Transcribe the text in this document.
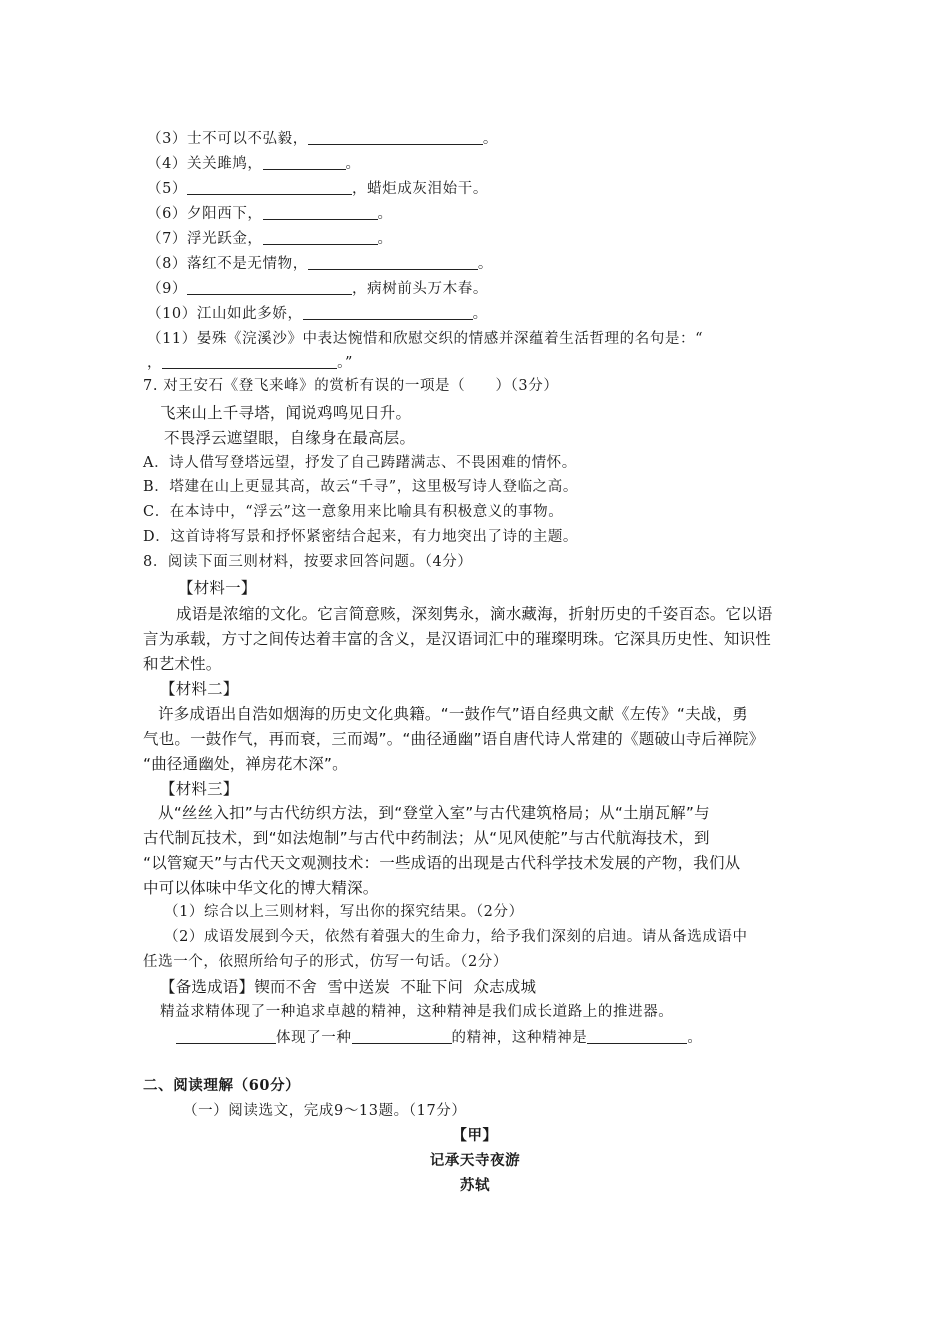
（3）士不可以不弘毅，	。
（4）关关雎鸠，	。
（5）	，蜡炬成灰泪始干。
（6）夕阳西下，	。
（7）浮光跃金，	。
（8）落红不是无情物，	。
（9）	，病树前头万木春。
（10）江山如此多娇，	。
（11）晏殊《浣溪沙》中表达惋惜和欣慰交织的情感并深蕴着生活哲理的名句是：“
，	。”
7. 对王安石《登飞来峰》的赏析有误的一项是（　　）（3分）
飞来山上千寻塔，闻说鸡鸣见日升。
不畏浮云遮望眼，自缘身在最高层。
A．诗人借写登塔远望，抒发了自己踌躇满志、不畏困难的情怀。
B．塔建在山上更显其高，故云“千寻”，这里极写诗人登临之高。
C．在本诗中，“浮云”这一意象用来比喻具有积极意义的事物。
D．这首诗将写景和抒怀紧密结合起来，有力地突出了诗的主题。
8．阅读下面三则材料，按要求回答问题。（4分）
【材料一】
成语是浓缩的文化。它言简意赅，深刻隽永，滴水藏海，折射历史的千姿百态。它以语
言为承载，方寸之间传达着丰富的含义，是汉语词汇中的璀璨明珠。它深具历史性、知识性
和艺术性。
【材料二】
许多成语出自浩如烟海的历史文化典籍。“一鼓作气”语自经典文献《左传》“夫战，勇
气也。一鼓作气，再而衰，三而竭”。“曲径通幽”语自唐代诗人常建的《题破山寺后禅院》
“曲径通幽处，禅房花木深”。
【材料三】
从“丝丝入扣”与古代纺织方法，到“登堂入室”与古代建筑格局；从“土崩瓦解”与
古代制瓦技术，到“如法炮制”与古代中药制法；从“见风使舵”与古代航海技术，到
“以管窥天”与古代天文观测技术：一些成语的出现是古代科学技术发展的产物，我们从
中可以体味中华文化的博大精深。
（1）综合以上三则材料，写出你的探究结果。（2分）
（2）成语发展到今天，依然有着强大的生命力，给予我们深刻的启迪。请从备选成语中
任选一个，依照所给句子的形式，仿写一句话。（2分）
【备选成语】锲而不舍  雪中送炭  不耻下问  众志成城
精益求精体现了一种追求卓越的精神，这种精神是我们成长道路上的推进器。
体现了一种	的精神，这种精神是	。
二、阅读理解（60分）
（一）阅读选文，完成9～13题。（17分）
【甲】
记承天寺夜游
苏轼
